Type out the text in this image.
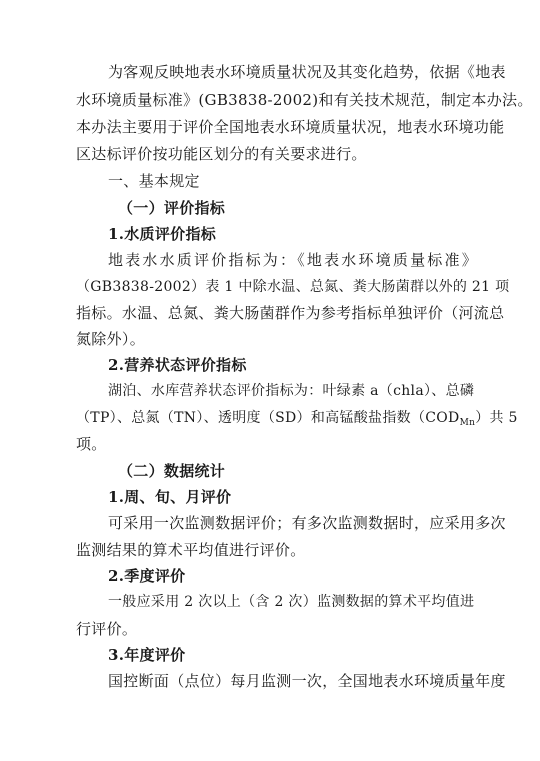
为客观反映地表水环境质量状况及其变化趋势，依据《地表
水环境质量标准》(GB3838-2002)和有关技术规范，制定本办法。
本办法主要用于评价全国地表水环境质量状况，地表水环境功能
区达标评价按功能区划分的有关要求进行。
一、基本规定
（一）评价指标
1.水质评价指标
地表水水质评价指标为：《地表水环境质量标准》
（GB3838-2002）表 1 中除水温、总氮、粪大肠菌群以外的 21 项
指标。水温、总氮、粪大肠菌群作为参考指标单独评价（河流总
氮除外）。
2.营养状态评价指标
湖泊、水库营养状态评价指标为：叶绿素 a（chla）、总磷
（TP）、总氮（TN）、透明度（SD）和高锰酸盐指数$(COD_{Mn})$共 5
项。
（二）数据统计
1.周、旬、月评价
可采用一次监测数据评价；有多次监测数据时，应采用多次
监测结果的算术平均值进行评价。
2.季度评价
一般应采用 2 次以上（含 2 次）监测数据的算术平均值进
行评价。
3.年度评价
国控断面（点位）每月监测一次，全国地表水环境质量年度
